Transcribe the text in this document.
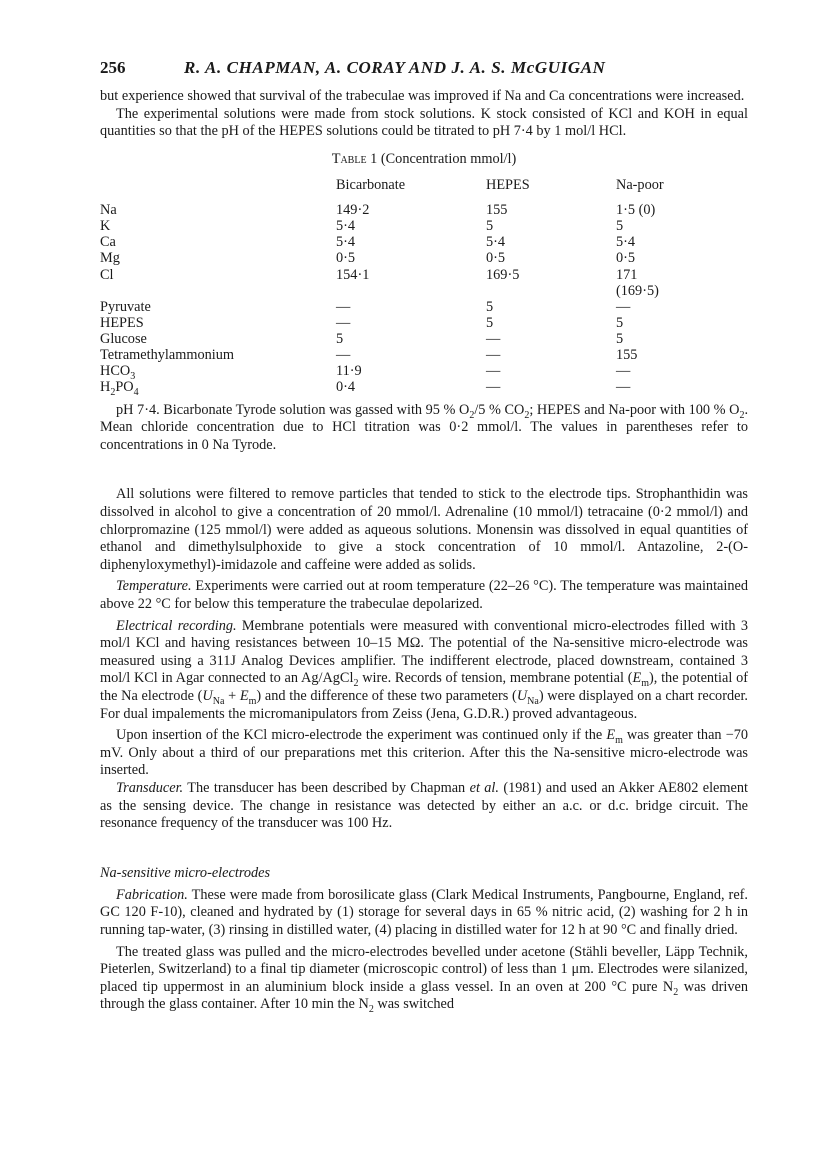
256	R. A. CHAPMAN, A. CORAY AND J. A. S. McGUIGAN

but experience showed that survival of the trabeculae was improved if Na and Ca concentrations were increased.

The experimental solutions were made from stock solutions. K stock consisted of KCl and KOH in equal quantities so that the pH of the HEPES solutions could be titrated to pH 7·4 by 1 mol/l HCl.

Table 1 (Concentration mmol/l)
	Bicarbonate	HEPES	Na-poor
Na	149·2	155	1·5 (0)
K	5·4	5	5
Ca	5·4	5·4	5·4
Mg	0·5	0·5	0·5
Cl	154·1	169·5	171 (169·5)
Pyruvate	—	5	—
HEPES	—	5	5
Glucose	5	—	5
Tetramethylammonium	—	—	155
$HCO_3$	11·9	—	—
$H_2PO_4$	0·4	—	—

pH 7·4. Bicarbonate Tyrode solution was gassed with 95 % $O_2/5$ % $CO_2$; HEPES and Na-poor with 100 % $O_2$. Mean chloride concentration due to HCl titration was 0·2 mmol/l. The values in parentheses refer to concentrations in 0 Na Tyrode.

All solutions were filtered to remove particles that tended to stick to the electrode tips. Strophanthidin was dissolved in alcohol to give a concentration of 20 mmol/l. Adrenaline (10 mmol/l) tetracaine (0·2 mmol/l) and chlorpromazine (125 mmol/l) were added as aqueous solutions. Monensin was dissolved in equal quantities of ethanol and dimethylsulphoxide to give a stock concentration of 10 mmol/l. Antazoline, 2-(O-diphenyloxymethyl)-imidazole and caffeine were added as solids.

Temperature. Experiments were carried out at room temperature (22–26 °C). The temperature was maintained above 22 °C for below this temperature the trabeculae depolarized.

Electrical recording. Membrane potentials were measured with conventional micro-electrodes filled with 3 mol/l KCl and having resistances between 10–15 MΩ. The potential of the Na-sensitive micro-electrode was measured using a 311J Analog Devices amplifier. The indifferent electrode, placed downstream, contained 3 mol/l KCl in Agar connected to an Ag/AgCl$_2$ wire. Records of tension, membrane potential $(E_m)$, the potential of the Na electrode $(U_{Na} + E_m)$ and the difference of these two parameters $(U_{Na})$ were displayed on a chart recorder. For dual impalements the micromanipulators from Zeiss (Jena, G.D.R.) proved advantageous.

Upon insertion of the KCl micro-electrode the experiment was continued only if the $E_m$ was greater than −70 mV. Only about a third of our preparations met this criterion. After this the Na-sensitive micro-electrode was inserted.

Transducer. The transducer has been described by Chapman et al. (1981) and used an Akker AE802 element as the sensing device. The change in resistance was detected by either an a.c. or d.c. bridge circuit. The resonance frequency of the transducer was 100 Hz.

Na-sensitive micro-electrodes

Fabrication. These were made from borosilicate glass (Clark Medical Instruments, Pangbourne, England, ref. GC 120 F-10), cleaned and hydrated by (1) storage for several days in 65 % nitric acid, (2) washing for 2 h in running tap-water, (3) rinsing in distilled water, (4) placing in distilled water for 12 h at 90 °C and finally dried.

The treated glass was pulled and the micro-electrodes bevelled under acetone (Stähli beveller, Läpp Technik, Pieterlen, Switzerland) to a final tip diameter (microscopic control) of less than 1 μm. Electrodes were silanized, placed tip uppermost in an aluminium block inside a glass vessel. In an oven at 200 °C pure $N_2$ was driven through the glass container. After 10 min the $N_2$ was switched
